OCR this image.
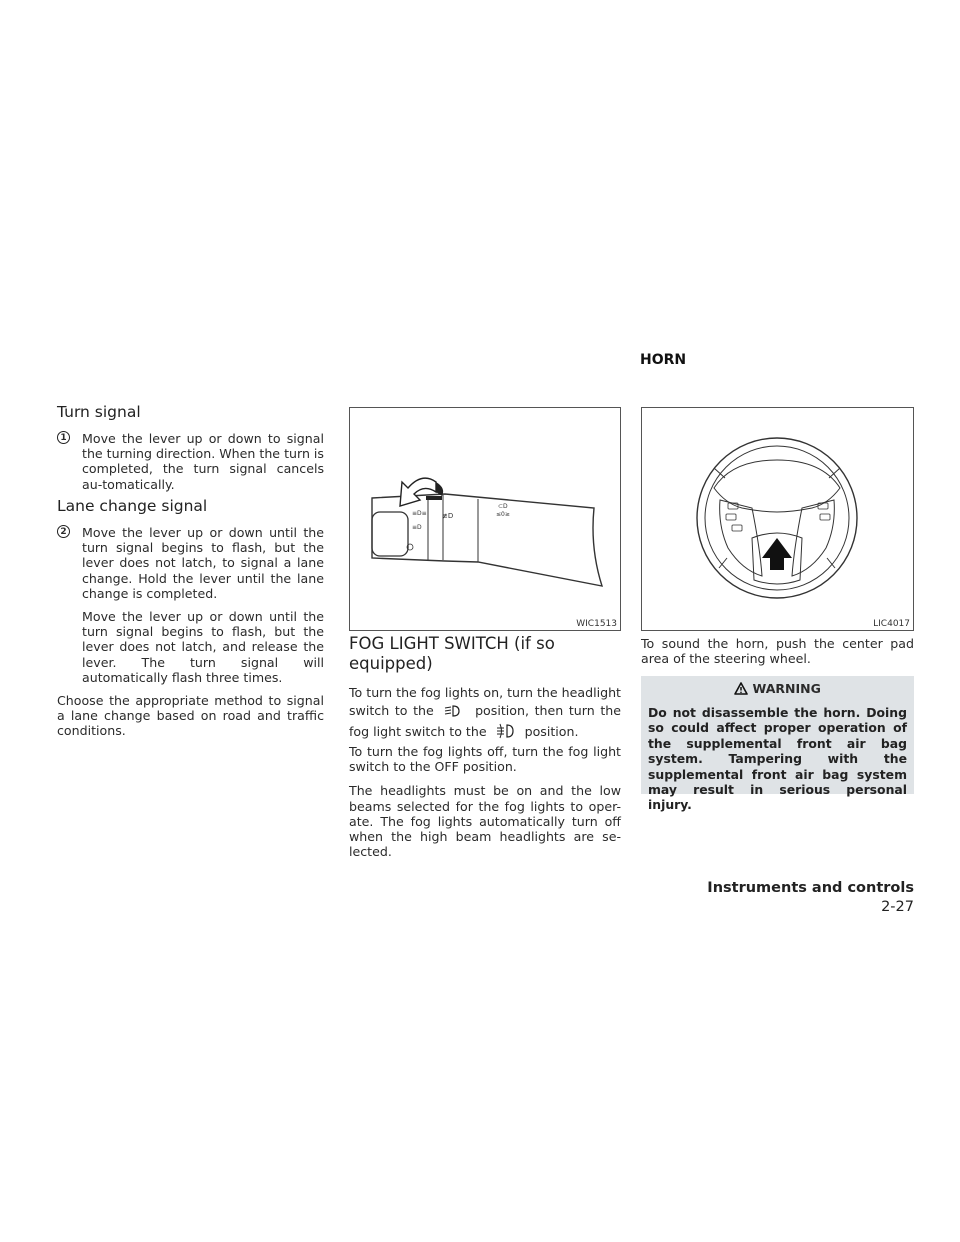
Turn signal
1 Move the lever up or down to signal the turning direction. When the turn is completed, the turn signal cancels au-tomatically.

Lane change signal
2 Move the lever up or down until the turn signal begins to flash, but the lever does not latch, to signal a lane change. Hold the lever until the lane change is completed.

Move the lever up or down until the turn signal begins to flash, but the lever does not latch, and release the lever. The turn signal will automatically flash three times.

Choose the appropriate method to signal a lane change based on road and traffic conditions.

≡D≡
≡D
≢D
⊂D
≤0≥
WIC1513
FOG LIGHT SWITCH (if so
equipped)

To turn the fog lights on, turn the headlight switch to the	position, then turn the fog light switch to the	position.

To turn the fog lights off, turn the fog light switch to the OFF position.

The headlights must be on and the low beams selected for the fog lights to oper-ate. The fog lights automatically turn off when the high beam headlights are se-lected.

HORN
LIC4017

To sound the horn, push the center pad area of the steering wheel.

WARNING
Do not disassemble the horn. Doing so could affect proper operation of the supplemental front air bag system. Tampering with the supplemental front air bag system may result in serious personal injury.
Instruments and controls 2-27
